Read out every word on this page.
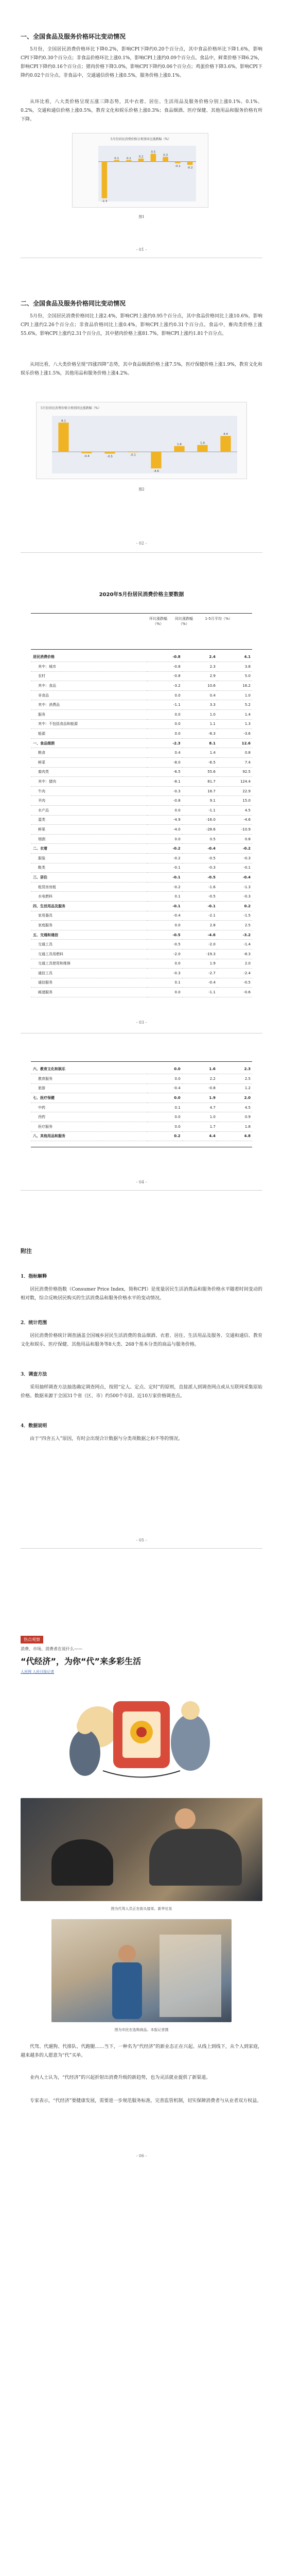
一、全国食品及服务价格环比变动情况
5月份，全国居民消费价格环比下降0.2%，影响CPI下降约0.20个百分点，其中食品价格环比下降1.6%，影响CPI下降约0.30个百分点；非食品价格环比上涨0.1%，影响CPI上涨约0.09个百分点。食品中，鲜菜价格下降6.2%，影响CPI下降约0.16个百分点；猪肉价格下降3.0%，影响CPI下降约0.06个百分点；鸡蛋价格下降3.6%，影响CPI下降约0.02个百分点。非食品中，交通通信价格上涨0.5%，服务价格上涨0.1%。
从环比看，八大类价格呈现五涨三降态势，其中衣着、居住、生活用品及服务价格分别上涨0.1%、0.1%、0.2%，交通和通信价格上涨0.5%，教育文化和娱乐价格上涨0.3%；食品烟酒、医疗保健、其他用品和服务价格有所下降。
5月份居民消费价格分类别环比涨跌幅（%）
-2.3
0.1	0.1
0.2
0.5
0.3
-0.1
-0.2
图1
- 01 -
二、全国食品及服务价格同比变动情况
5月份，全国居民消费价格同比上涨2.4%，影响CPI上涨约0.95个百分点，其中食品价格同比上涨10.6%，影响CPI上涨约2.26个百分点；非食品价格同比上涨0.4%，影响CPI上涨约0.31个百分点。食品中，畜肉类价格上涨55.6%，影响CPI上涨约2.31个百分点，其中猪肉价格上涨81.7%，影响CPI上涨约1.81个百分点。
从同比看，八大类价格呈现“四涨四降”态势，其中食品烟酒价格上涨7.5%，医疗保健价格上涨1.9%，教育文化和娱乐价格上涨1.5%，其他用品和服务价格上涨4.2%。
5月份居民消费价格分类别同比涨跌幅（%）
8.1
-0.4	-0.5	-0.1
-4.6
1.6	1.9
4.4
图2
- 02 -
2020年5月份居民消费价格主要数据
环比涨跌幅（%）
同比涨跌幅（%）
1-5月平均（%）
居民消费价格	-0.8	2.4	4.1
其中：城市	-0.8	2.3	3.8
农村	-0.8	2.9	5.0
其中：食品	-3.2	10.6	16.2
非食品	0.0	0.4	1.0
其中：消费品	-1.1	3.3	5.2
服务	0.0	1.0	1.4
其中：不包括食品和能源	0.0	1.1	1.3
能源	0.0	-8.3	-3.6
一、食品烟酒	-2.3	8.1	12.6
粮食	0.4	1.4	0.8
鲜菜	-8.0	-6.5	7.4
畜肉类	-6.5	55.6	92.5
其中：猪肉	-8.1	81.7	124.4
牛肉	-0.3	16.7	22.9
羊肉	-0.8	9.1	15.0
水产品	0.0	-1.1	4.5
蛋类	-4.9	-16.0	-4.6
鲜果	-4.0	-28.6	-10.9
烟酒	0.0	0.5	0.8
二、衣着	-0.2	-0.4	-0.2
服装	-0.2	-0.5	-0.3
鞋类	-0.1	-0.3	-0.1
三、居住	-0.1	-0.5	-0.4
租赁房房租	-0.2	-1.6	-1.3
水电燃料	0.1	-0.5	-0.3
四、生活用品及服务	-0.1	-0.1	0.2
家用器具	-0.4	-2.1	-1.5
家庭服务	0.0	2.8	2.5
五、交通和通信	-0.5	-4.6	-3.2
交通工具	-0.5	-2.0	-1.4
交通工具用燃料	-2.0	-19.3	-8.3
交通工具使用和维修	0.0	1.9	2.0
通信工具	-0.3	-2.7	-2.4
通信服务	0.1	-0.4	-0.5
邮递服务	0.0	-1.1	-0.6
- 03 -
六、教育文化和娱乐	0.0	1.6	2.3
教育服务	0.0	2.2	2.5
旅游	-0.4	-0.8	1.2
七、医疗保健	0.0	1.9	2.0
中药	0.1	4.7	4.5
西药	0.0	1.0	0.9
医疗服务	0.0	1.7	1.8
八、其他用品和服务	0.2	4.4	4.8
- 04 -
附注
1．指标解释
居民消费价格指数（Consumer Price Index，简称CPI）是度量居民生活消费品和服务价格水平随着时间变动的相对数，综合反映居民购买的生活消费品和服务价格水平的变动情况。
2．统计范围
居民消费价格统计调查涵盖全国城乡居民生活消费的食品烟酒、衣着、居住、生活用品及服务、交通和通信、教育文化和娱乐、医疗保健、其他用品和服务等8大类、268个基本分类的商品与服务价格。
3．调查方法
采用抽样调查方法抽选确定调查网点，按照“定人、定点、定时”的原则，直接派人到调查网点或从互联网采集原始价格。数据来源于全国31个省（区、市）约500个市县、近10万家价格调查点。
4．数据说明
由于“四舍五入”原因，有时会出现合计数据与分类项数据之和不等的情况。
- 05 -
热点观察
消费、市场、消费者在说什么——
“代经济”，为你“代”来多彩生活
人民网 人民日报记者
图为代驾人员正在街头接单。新华社发
图为市民在选购商品。本报记者摄
代驾、代遛狗、代排队、代跑腿……当下，一种名为“代经济”的新业态正在兴起。从线上到线下，从个人到家庭，越来越多的人愿意为“代”买单。
业内人士认为，“代经济”的兴起折射出消费升级的新趋势，也为灵活就业提供了新渠道。
专家表示，“代经济”要健康发展，需要进一步规范服务标准，完善监管机制，切实保障消费者与从业者双方权益。
- 06 -
